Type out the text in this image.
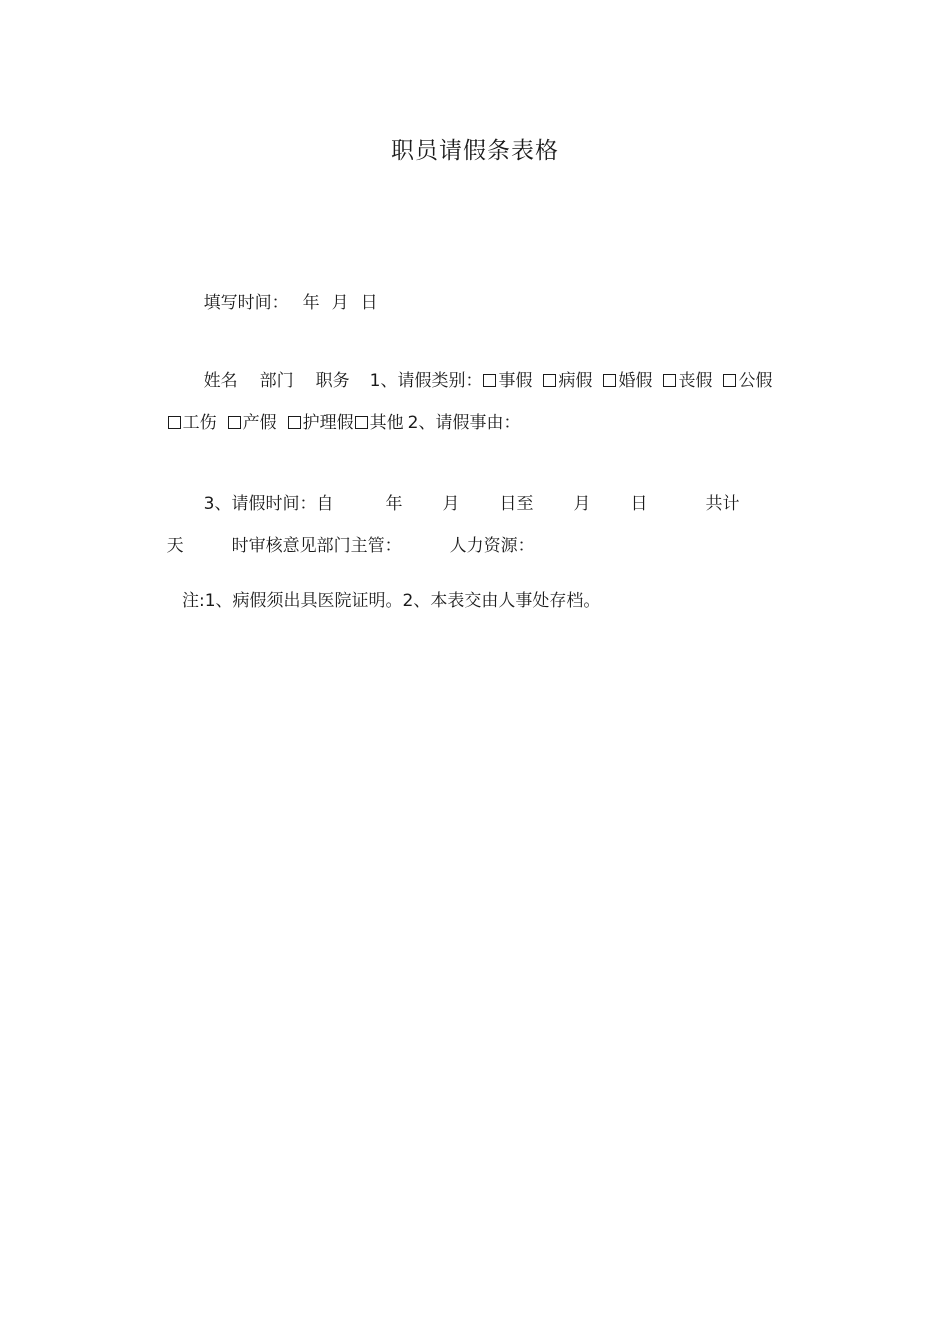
职员请假条表格

填写时间： 年 月 日

姓名 部门 职务 1、请假类别： 事假 病假 婚假 丧假 公假

工伤 产假 护理假 其他 2、请假事由：

3、请假时间：自	年 月 日至 月 日	共计

天	时审核意见部门主管：	人力资源：

注:1、病假须出具医院证明。2、本表交由人事处存档。
